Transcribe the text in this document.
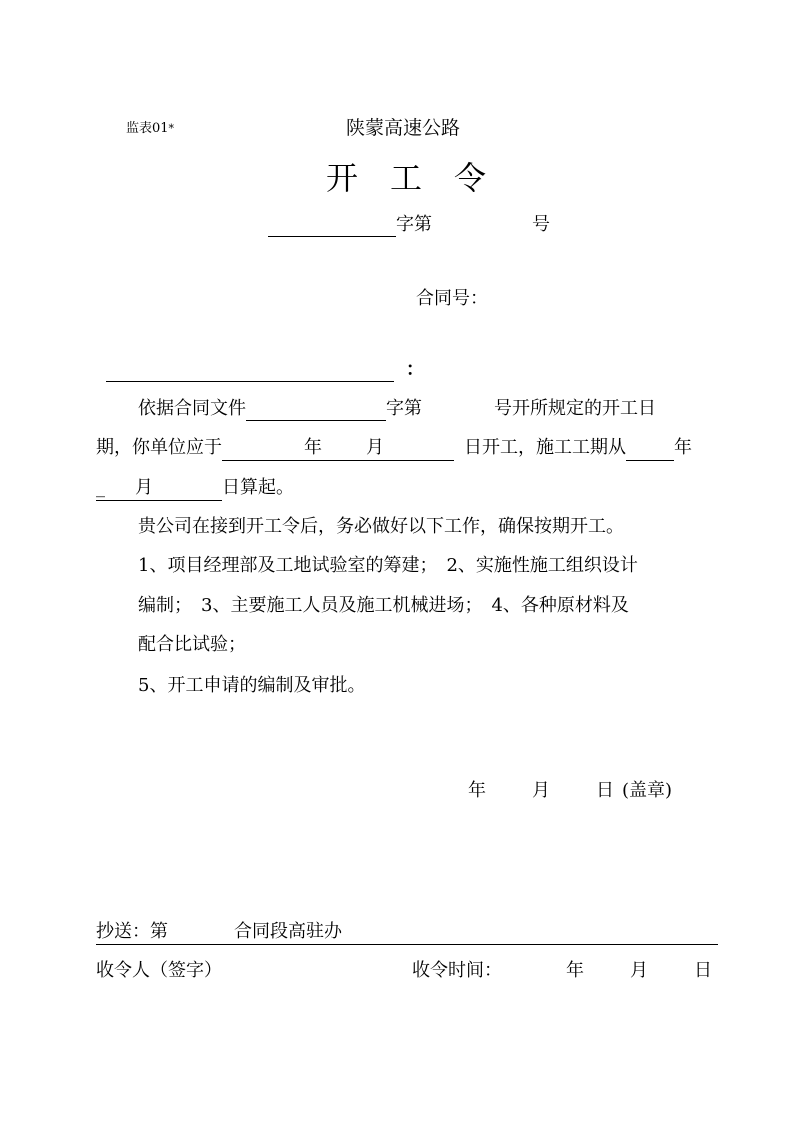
监表01*	陕蒙高速公路
开　工　令
字第	号
合同号：
：
依据合同文件	字第	号开所规定的开工日
期，你单位应于	年 月	日开工，施工工期从	年
_ 月	日算起。
贵公司在接到开工令后，务必做好以下工作，确保按期开工。
1、项目经理部及工地试验室的筹建；　2、实施性施工组织设计
编制；　3、主要施工人员及施工机械进场；　4、各种原材料及
配合比试验；
5、开工申请的编制及审批。
年	月	日 (盖章)
抄送：第	合同段高驻办
收令人（签字）	收令时间：	年	月	日
